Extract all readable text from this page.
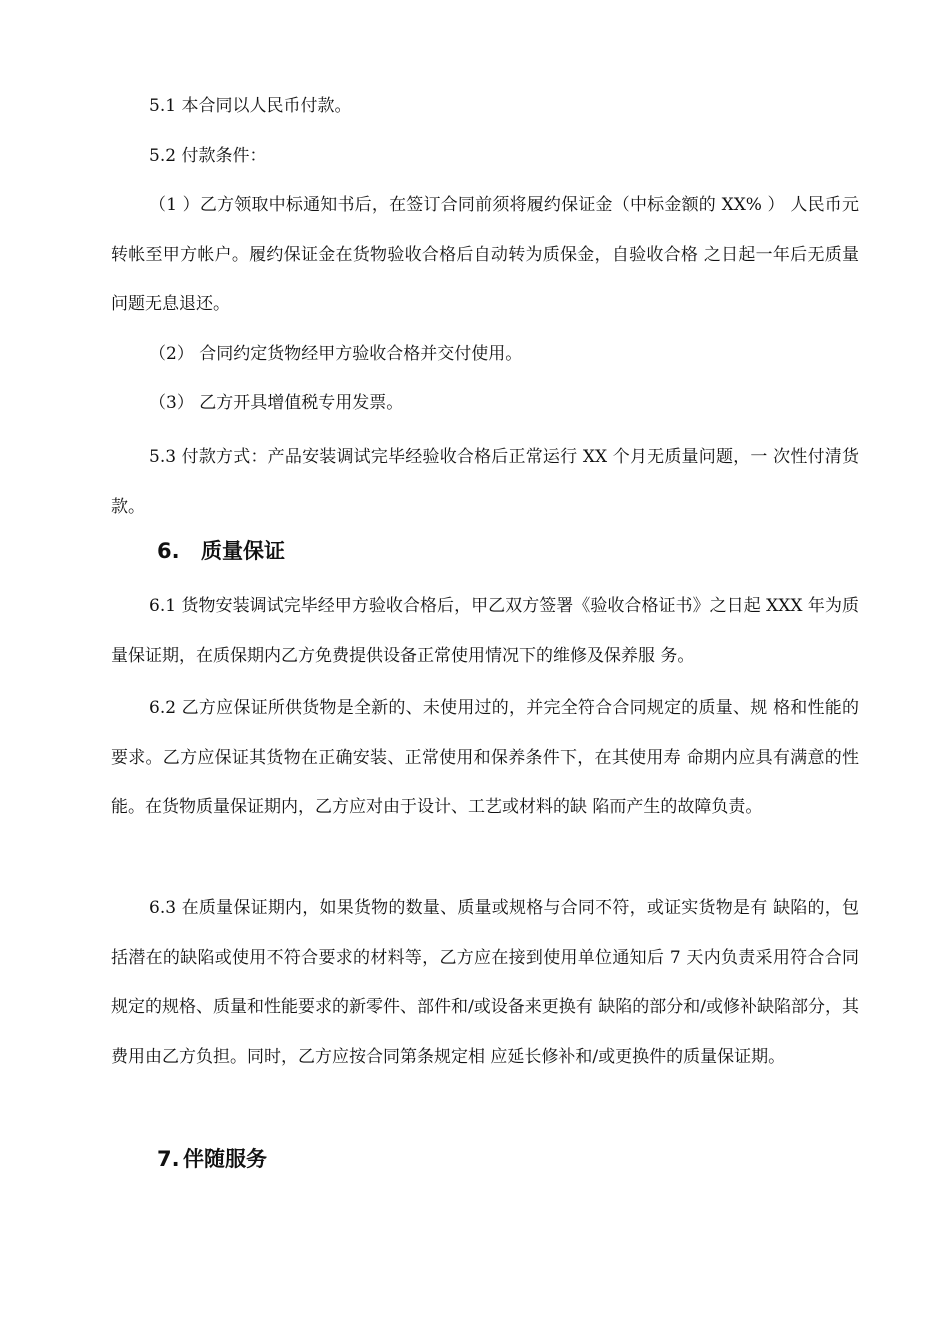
5.1 本合同以人民币付款。

5.2 付款条件：

（1 ）乙方领取中标通知书后，在签订合同前须将履约保证金（中标金额的 XX% ） 人民币元转帐至甲方帐户。履约保证金在货物验收合格后自动转为质保金，自验收合格 之日起一年后无质量问题无息退还。

（2） 合同约定货物经甲方验收合格并交付使用。

（3） 乙方开具增值税专用发票。

5.3 付款方式：产品安装调试完毕经验收合格后正常运行 XX 个月无质量问题，一 次性付清货款。

6. 质量保证

6.1 货物安装调试完毕经甲方验收合格后，甲乙双方签署《验收合格证书》之日起 XXX 年为质量保证期，在质保期内乙方免费提供设备正常使用情况下的维修及保养服 务。

6.2 乙方应保证所供货物是全新的、未使用过的，并完全符合合同规定的质量、规 格和性能的要求。乙方应保证其货物在正确安装、正常使用和保养条件下，在其使用寿 命期内应具有满意的性能。在货物质量保证期内，乙方应对由于设计、工艺或材料的缺 陷而产生的故障负责。

6.3 在质量保证期内，如果货物的数量、质量或规格与合同不符，或证实货物是有 缺陷的，包括潜在的缺陷或使用不符合要求的材料等，乙方应在接到使用单位通知后 7 天内负责采用符合合同规定的规格、质量和性能要求的新零件、部件和/或设备来更换有 缺陷的部分和/或修补缺陷部分，其费用由乙方负担。同时，乙方应按合同第条规定相 应延长修补和/或更换件的质量保证期。

7. 伴随服务
